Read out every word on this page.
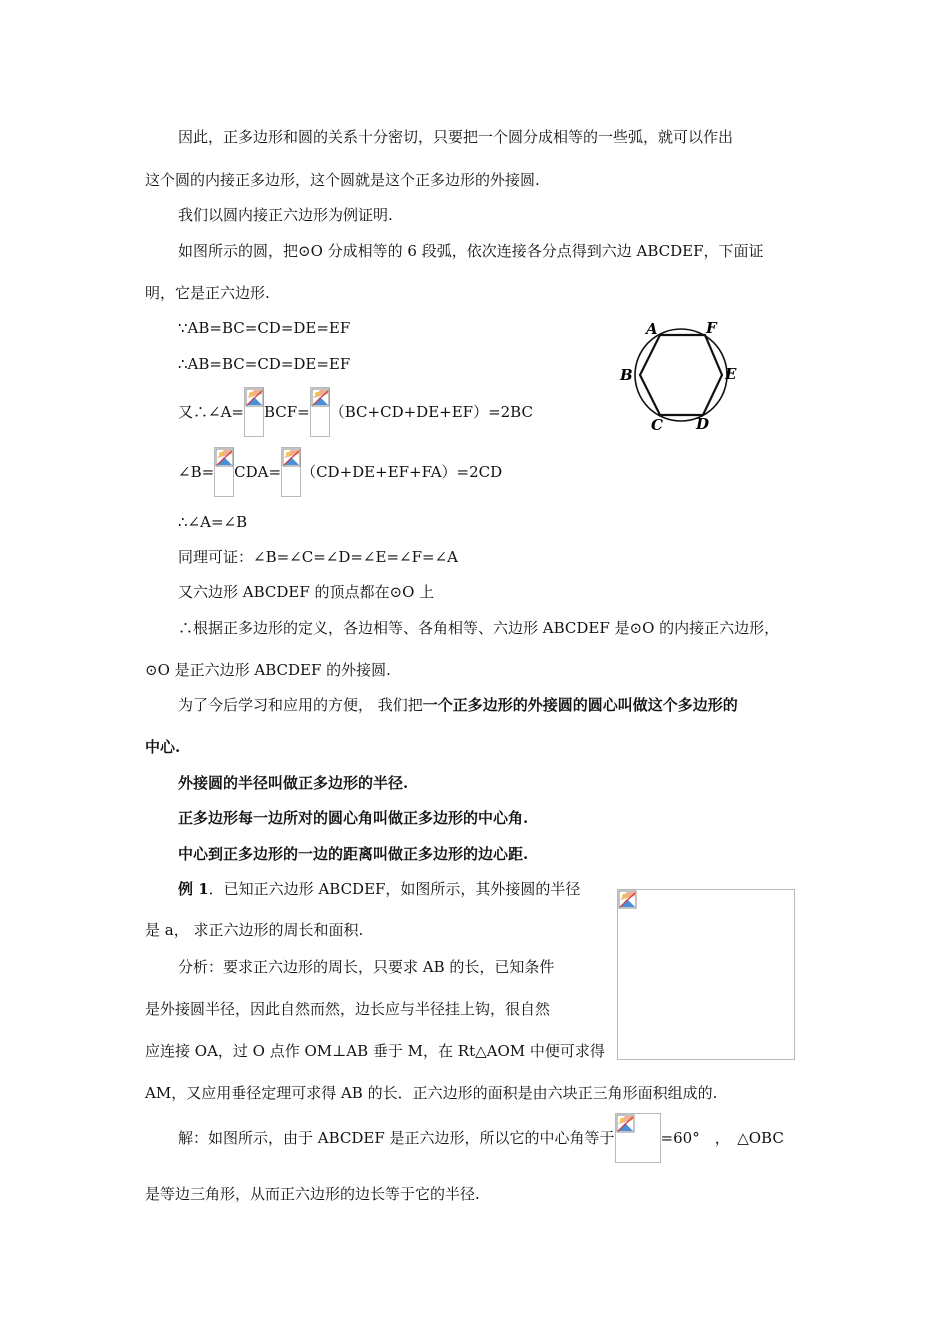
因此，正多边形和圆的关系十分密切，只要把一个圆分成相等的一些弧，就可以作出
这个圆的内接正多边形，这个圆就是这个正多边形的外接圆.
我们以圆内接正六边形为例证明.
如图所示的圆，把⊙O 分成相等的 6 段弧，依次连接各分点得到六边 ABCDEF，下面证
明，它是正六边形.
∵AB=BC=CD=DE=EF
∴AB=BC=CD=DE=EF
又∴∠A= BCF= （BC+CD+DE+EF）=2BC
∠B= CDA= （CD+DE+EF+FA）=2CD
∴∠A=∠B
同理可证：∠B=∠C=∠D=∠E=∠F=∠A
又六边形 ABCDEF 的顶点都在⊙O 上
∴根据正多边形的定义，各边相等、各角相等、六边形 ABCDEF 是⊙O 的内接正六边形，
⊙O 是正六边形 ABCDEF 的外接圆.
为了今后学习和应用的方便， 我们把一个正多边形的外接圆的圆心叫做这个多边形的
中心.
外接圆的半径叫做正多边形的半径.
正多边形每一边所对的圆心角叫做正多边形的中心角.
中心到正多边形的一边的距离叫做正多边形的边心距.
例 1．已知正六边形 ABCDEF，如图所示，其外接圆的半径
是 a， 求正六边形的周长和面积.
分析：要求正六边形的周长，只要求 AB 的长，已知条件
是外接圆半径，因此自然而然，边长应与半径挂上钩，很自然
应连接 OA，过 O 点作 OM⊥AB 垂于 M，在 Rt△AOM 中便可求得
AM，又应用垂径定理可求得 AB 的长．正六边形的面积是由六块正三角形面积组成的.
解：如图所示，由于 ABCDEF 是正六边形，所以它的中心角等于	=60°　，　△OBC
是等边三角形，从而正六边形的边长等于它的半径.
A	F
B	E
C D
